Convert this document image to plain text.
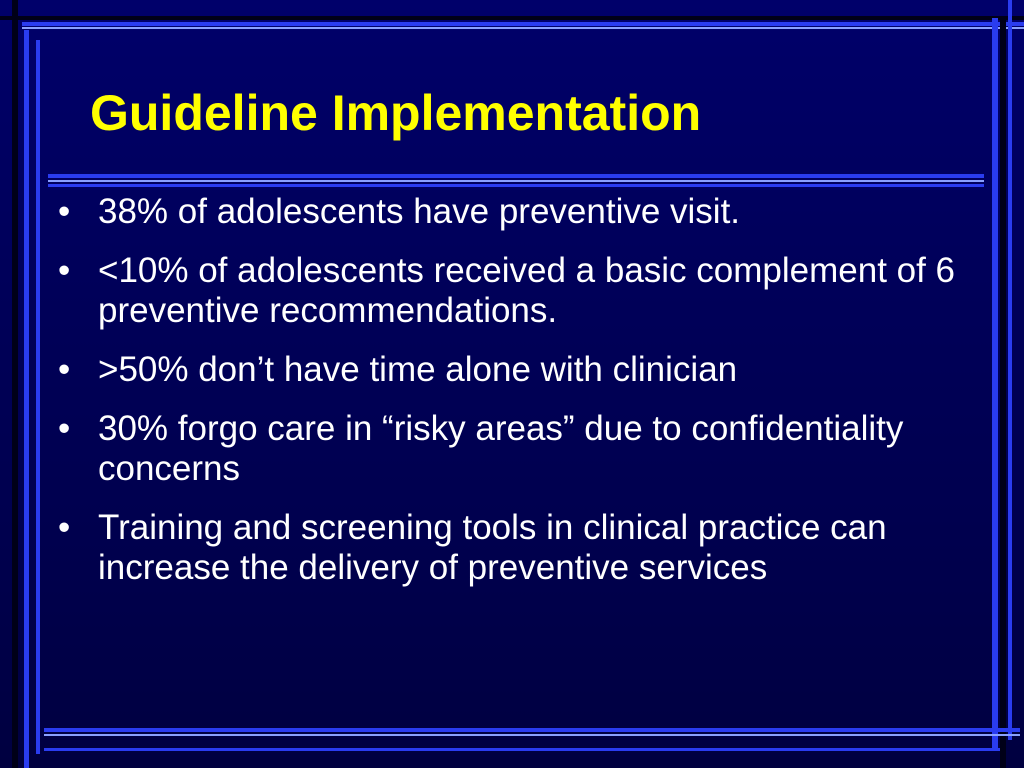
Guideline Implementation
• 38% of adolescents have preventive visit.
• <10% of adolescents received a basic complement of 6 preventive recommendations.
• >50% don’t have time alone with clinician
• 30% forgo care in “risky areas” due to confidentiality concerns
• Training and screening tools in clinical practice can increase the delivery of preventive services
